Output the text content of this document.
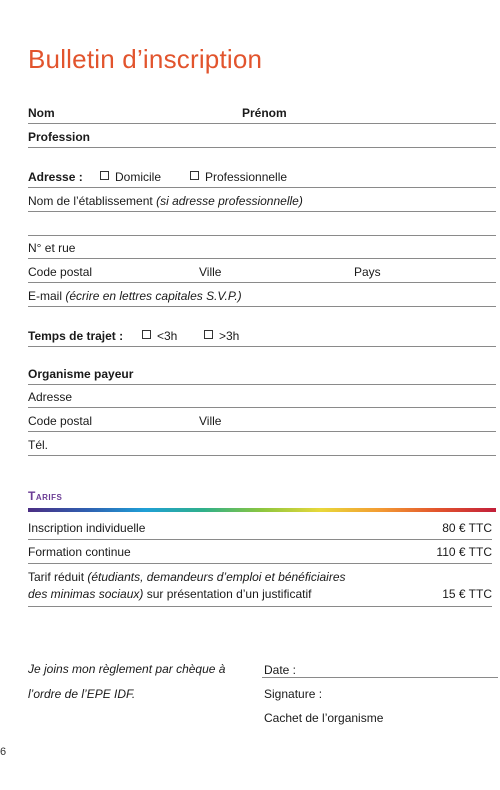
Bulletin d’inscription
Nom	Prénom
Profession
Adresse :	Domicile	Professionnelle
Nom de l’établissement (si adresse professionnelle)
N° et rue
Code postal	Ville	Pays
E-mail (écrire en lettres capitales S.V.P.)
Temps de trajet :	<3h	>3h
Organisme payeur
Adresse
Code postal	Ville
Tél.
Tarifs
Inscription individuelle	80 € TTC
Formation continue	110 € TTC
Tarif réduit (étudiants, demandeurs d’emploi et bénéficiaires
des minimas sociaux) sur présentation d’un justificatif	15 € TTC
Je joins mon règlement par chèque à
l’ordre de l’EPE IDF.
Date :
Signature :
Cachet de l’organisme
6
